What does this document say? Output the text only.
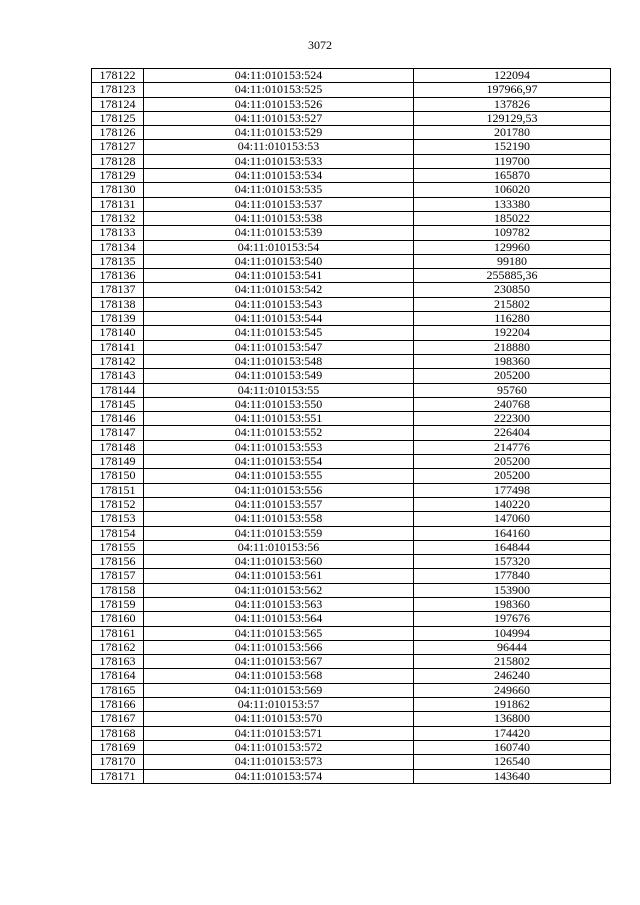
3072
178122	04:11:010153:524	122094
178123	04:11:010153:525	197966,97
178124	04:11:010153:526	137826
178125	04:11:010153:527	129129,53
178126	04:11:010153:529	201780
178127	04:11:010153:53	152190
178128	04:11:010153:533	119700
178129	04:11:010153:534	165870
178130	04:11:010153:535	106020
178131	04:11:010153:537	133380
178132	04:11:010153:538	185022
178133	04:11:010153:539	109782
178134	04:11:010153:54	129960
178135	04:11:010153:540	99180
178136	04:11:010153:541	255885,36
178137	04:11:010153:542	230850
178138	04:11:010153:543	215802
178139	04:11:010153:544	116280
178140	04:11:010153:545	192204
178141	04:11:010153:547	218880
178142	04:11:010153:548	198360
178143	04:11:010153:549	205200
178144	04:11:010153:55	95760
178145	04:11:010153:550	240768
178146	04:11:010153:551	222300
178147	04:11:010153:552	226404
178148	04:11:010153:553	214776
178149	04:11:010153:554	205200
178150	04:11:010153:555	205200
178151	04:11:010153:556	177498
178152	04:11:010153:557	140220
178153	04:11:010153:558	147060
178154	04:11:010153:559	164160
178155	04:11:010153:56	164844
178156	04:11:010153:560	157320
178157	04:11:010153:561	177840
178158	04:11:010153:562	153900
178159	04:11:010153:563	198360
178160	04:11:010153:564	197676
178161	04:11:010153:565	104994
178162	04:11:010153:566	96444
178163	04:11:010153:567	215802
178164	04:11:010153:568	246240
178165	04:11:010153:569	249660
178166	04:11:010153:57	191862
178167	04:11:010153:570	136800
178168	04:11:010153:571	174420
178169	04:11:010153:572	160740
178170	04:11:010153:573	126540
178171	04:11:010153:574	143640
